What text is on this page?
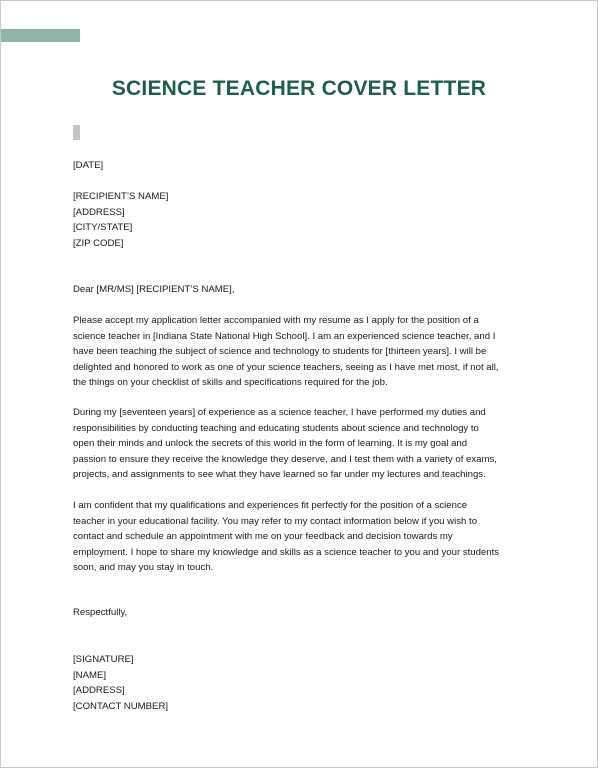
SCIENCE TEACHER COVER LETTER
[DATE]
[RECIPIENT’S NAME]
[ADDRESS]
[CITY/STATE]
[ZIP CODE]
Dear [MR/MS] [RECIPIENT’S NAME],
Please accept my application letter accompanied with my resume as I apply for the position of a
science teacher in [Indiana State National High School]. I am an experienced science teacher, and I
have been teaching the subject of science and technology to students for [thirteen years]. I will be
delighted and honored to work as one of your science teachers, seeing as I have met most, if not all,
the things on your checklist of skills and specifications required for the job.
During my [seventeen years] of experience as a science teacher, I have performed my duties and
responsibilities by conducting teaching and educating students about science and technology to
open their minds and unlock the secrets of this world in the form of learning. It is my goal and
passion to ensure they receive the knowledge they deserve, and I test them with a variety of exams,
projects, and assignments to see what they have learned so far under my lectures and teachings.
I am confident that my qualifications and experiences fit perfectly for the position of a science
teacher in your educational facility. You may refer to my contact information below if you wish to
contact and schedule an appointment with me on your feedback and decision towards my
employment. I hope to share my knowledge and skills as a science teacher to you and your students
soon, and may you stay in touch.
Respectfully,
[SIGNATURE]
[NAME]
[ADDRESS]
[CONTACT NUMBER]
